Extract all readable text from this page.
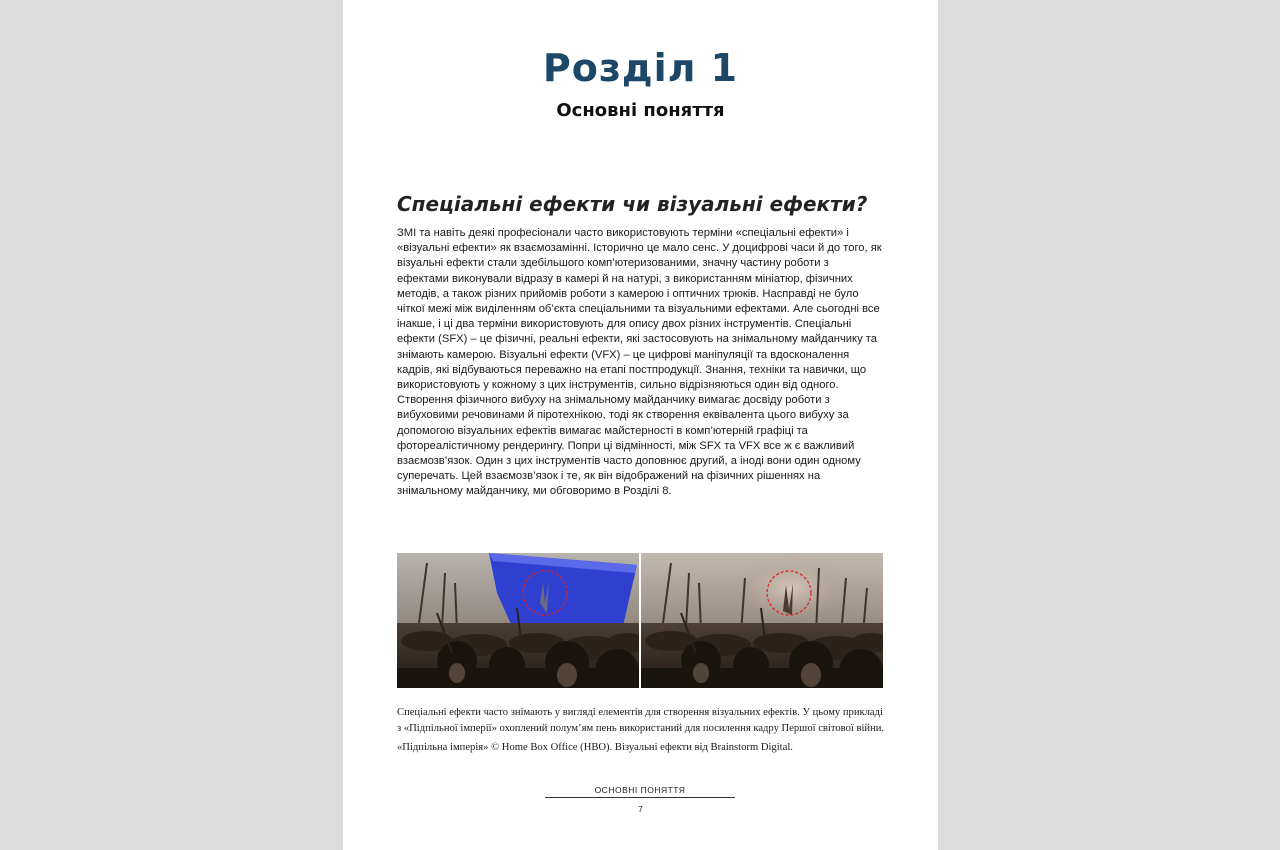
Розділ 1
Основні поняття
Спеціальні ефекти чи візуальні ефекти?

ЗМІ та навіть деякі професіонали часто використовують терміни «спеціальні ефекти» і «візуальні ефекти» як взаємозамінні. Історично це мало сенс. У доцифрові часи й до того, як візуальні ефекти стали здебільшого комп’ютеризованими, значну частину роботи з ефектами виконували відразу в камері й на натурі, з використанням мініатюр, фізичних методів, а також різних прийомів роботи з камерою і оптичних трюків. Насправді не було чіткої межі між виділенням об’єкта спеціальними та візуальними ефектами. Але сьогодні все інакше, і ці два терміни використовують для опису двох різних інструментів. Спеціальні ефекти (SFX) – це фізичні, реальні ефекти, які застосовують на знімальному майданчику та знімають камерою. Візуальні ефекти (VFX) – це цифрові маніпуляції та вдосконалення кадрів, які відбуваються переважно на етапі постпродукції. Знання, техніки та навички, що використовують у кожному з цих інструментів, сильно відрізняються один від одного. Створення фізичного вибуху на знімальному майданчику вимагає досвіду роботи з вибуховими речовинами й піротехнікою, тоді як створення еквівалента цього вибуху за допомогою візуальних ефектів вимагає майстерності в комп’ютерній графіці та фотореалістичному рендерингу. Попри ці відмінності, між SFX та VFX все ж є важливий взаємозв’язок. Один з цих інструментів часто доповнює другий, а іноді вони один одному суперечать. Цей взаємозв’язок і те, як він відображений на фізичних рішеннях на знімальному майданчику, ми обговоримо в Розділі 8.

Спеціальні ефекти часто знімають у вигляді елементів для створення візуальних ефектів. У цьому прикладі з «Підпільної імперії» охоплений полум’ям пень використаний для посилення кадру Першої світової війни.
«Підпільна імперія» © Home Box Office (HBO). Візуальні ефекти від Brainstorm Digital.

ОСНОВНІ ПОНЯТТЯ
7
